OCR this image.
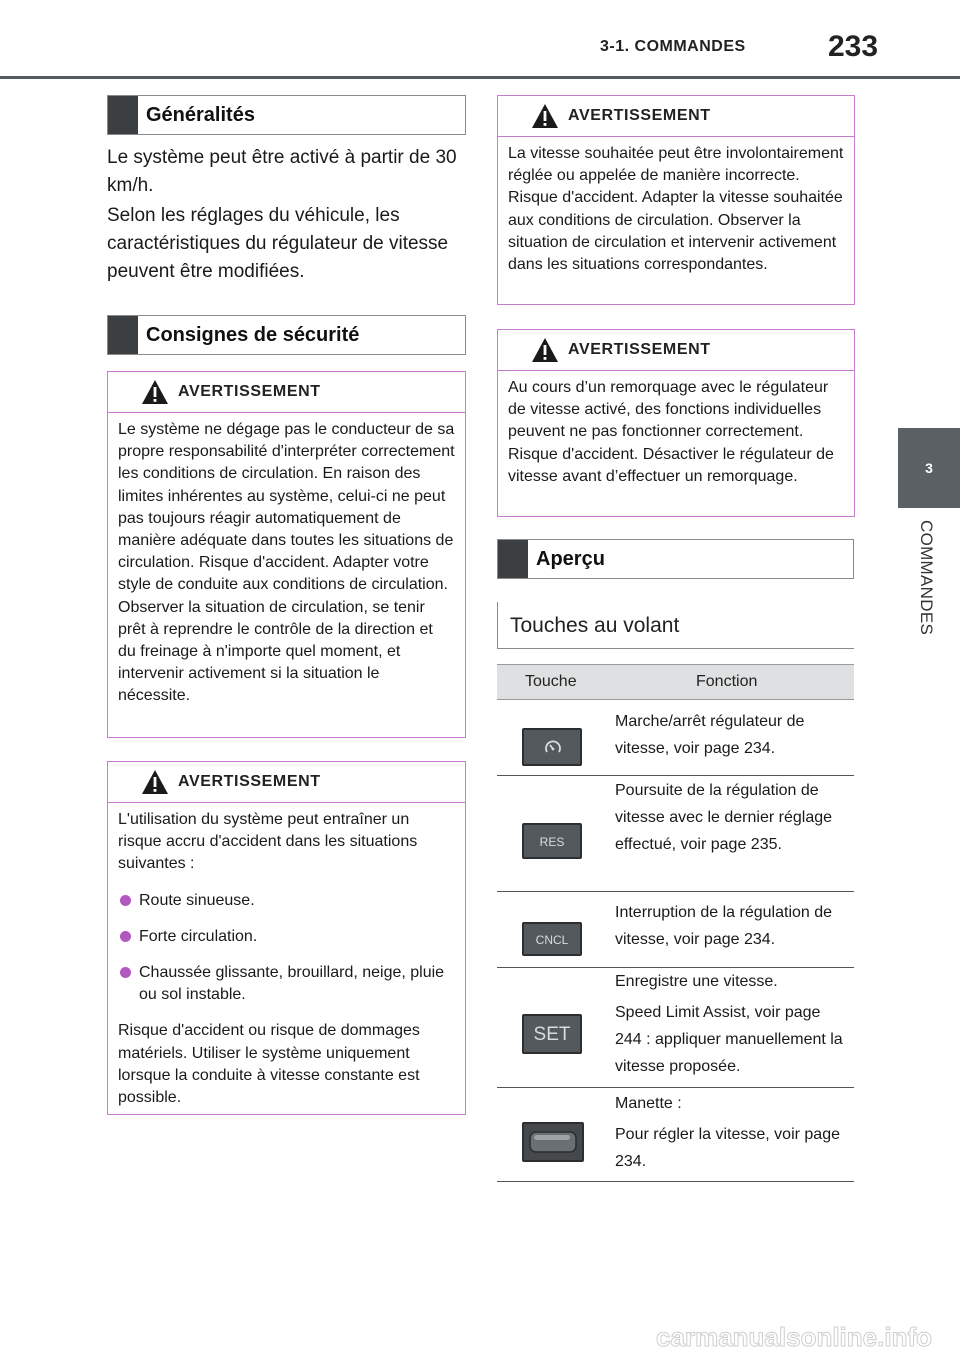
3-1. COMMANDES	233
3
COMMANDES
Généralités
Le système peut être activé à partir de 30 km/h.
Selon les réglages du véhicule, les caractéristiques du régulateur de vitesse peuvent être modifiées.
Consignes de sécurité
AVERTISSEMENT

Le système ne dégage pas le conducteur de sa propre responsabilité d'interpréter correctement les conditions de circulation. En raison des limites inhérentes au système, celui-ci ne peut pas toujours réagir automatiquement de manière adéquate dans toutes les situations de circulation. Risque d'accident. Adapter votre style de conduite aux conditions de circulation. Observer la situation de circulation, se tenir prêt à reprendre le contrôle de la direction et du freinage à n'importe quel moment, et intervenir activement si la situation le nécessite.

AVERTISSEMENT

L'utilisation du système peut entraîner un risque accru d'accident dans les situations suivantes :

Route sinueuse.
Forte circulation.
Chaussée glissante, brouillard, neige, pluie ou sol instable.

Risque d'accident ou risque de dommages matériels. Utiliser le système uniquement lorsque la conduite à vitesse constante est possible.

AVERTISSEMENT

La vitesse souhaitée peut être involontairement réglée ou appelée de manière incorrecte. Risque d'accident. Adapter la vitesse souhaitée aux conditions de circulation. Observer la situation de circulation et intervenir activement dans les situations correspondantes.

AVERTISSEMENT

Au cours d’un remorquage avec le régulateur de vitesse activé, des fonctions individuelles peuvent ne pas fonctionner correctement. Risque d'accident. Désactiver le régulateur de vitesse avant d’effectuer un remorquage.

Aperçu
Touches au volant
Touche	Fonction

Marche/arrêt régulateur de vitesse, voir page 234.

RES

Poursuite de la régulation de vitesse avec le dernier réglage effectué, voir page 235.

CNCL

Interruption de la régulation de vitesse, voir page 234.

SET

Enregistre une vitesse.

Speed Limit Assist, voir page 244 : appliquer manuellement la vitesse proposée.

Manette :

Pour régler la vitesse, voir page 234.

carmanualsonline.info
